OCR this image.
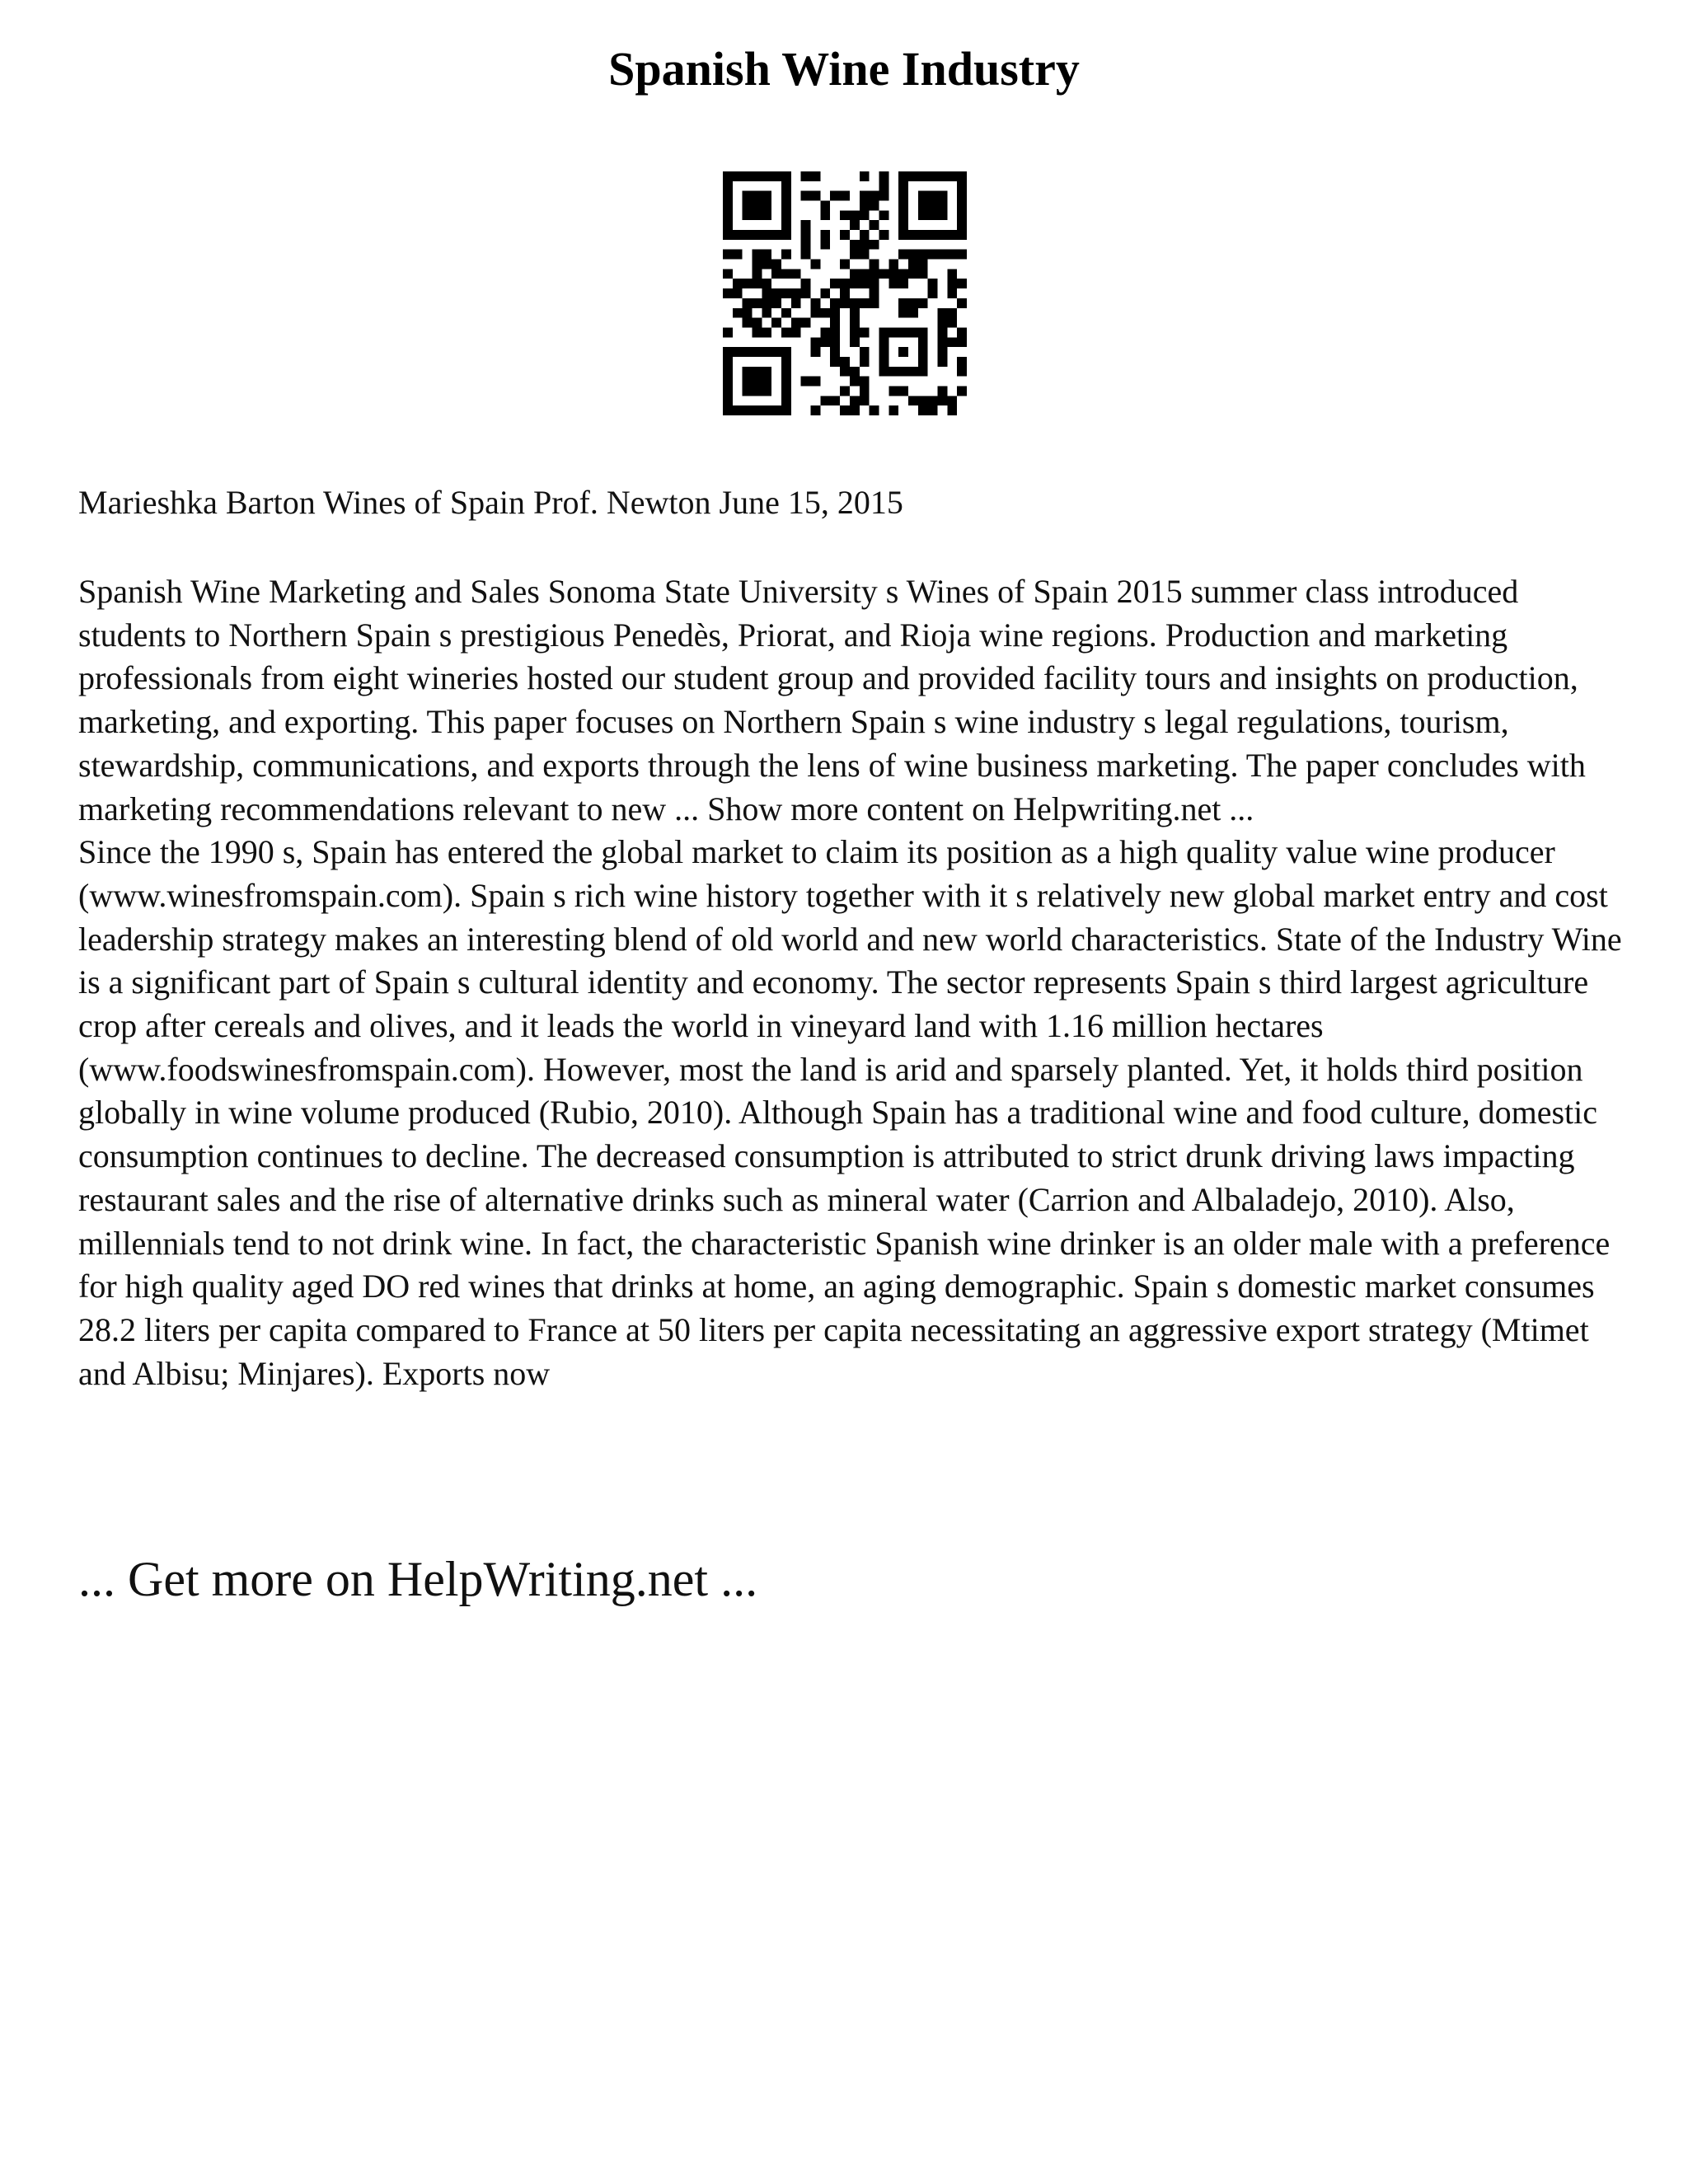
Spanish Wine Industry

Marieshka Barton Wines of Spain Prof. Newton June 15, 2015

Spanish Wine Marketing and Sales Sonoma State University s Wines of Spain 2015 summer class introduced students to Northern Spain s prestigious Penedès, Priorat, and Rioja wine regions. Production and marketing professionals from eight wineries hosted our student group and provided facility tours and insights on production, marketing, and exporting. This paper focuses on Northern Spain s wine industry s legal regulations, tourism, stewardship, communications, and exports through the lens of wine business marketing. The paper concludes with marketing recommendations relevant to new ... Show more content on Helpwriting.net ...

Since the 1990 s, Spain has entered the global market to claim its position as a high quality value wine producer (www.winesfromspain.com). Spain s rich wine history together with it s relatively new global market entry and cost leadership strategy makes an interesting blend of old world and new world characteristics. State of the Industry Wine is a significant part of Spain s cultural identity and economy. The sector represents Spain s third largest agriculture crop after cereals and olives, and it leads the world in vineyard land with 1.16 million hectares (www.foodswinesfromspain.com). However, most the land is arid and sparsely planted. Yet, it holds third position globally in wine volume produced (Rubio, 2010). Although Spain has a traditional wine and food culture, domestic consumption continues to decline. The decreased consumption is attributed to strict drunk driving laws impacting restaurant sales and the rise of alternative drinks such as mineral water (Carrion and Albaladejo, 2010). Also, millennials tend to not drink wine. In fact, the characteristic Spanish wine drinker is an older male with a preference for high quality aged DO red wines that drinks at home, an aging demographic. Spain s domestic market consumes 28.2 liters per capita compared to France at 50 liters per capita necessitating an aggressive export strategy (Mtimet and Albisu; Minjares). Exports now

... Get more on HelpWriting.net ...
